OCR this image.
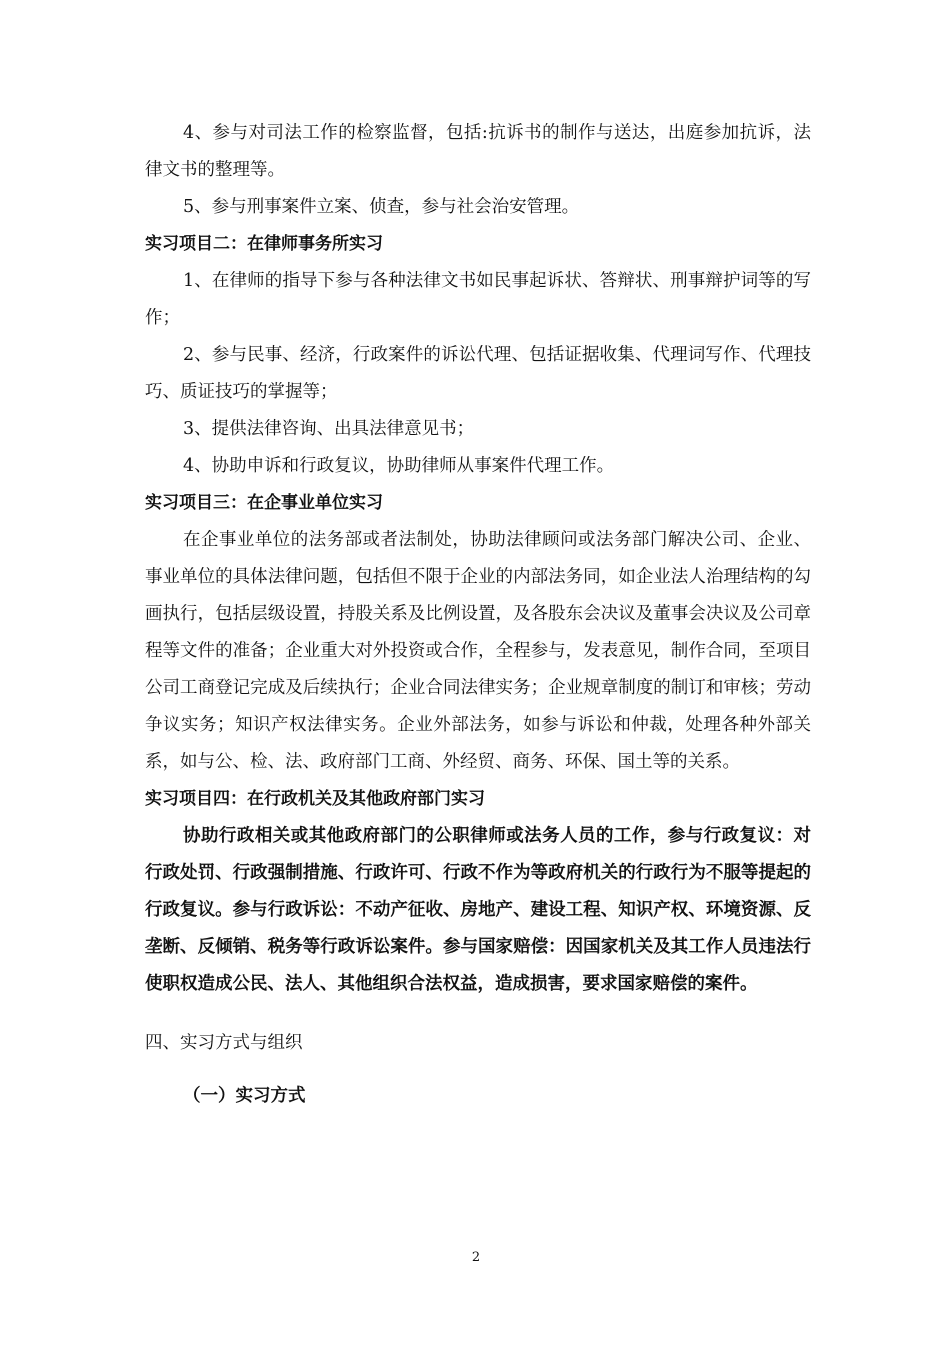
4、参与对司法工作的检察监督，包括:抗诉书的制作与送达，出庭参加抗诉，法律文书的整理等。

5、参与刑事案件立案、侦查，参与社会治安管理。

实习项目二：在律师事务所实习

1、在律师的指导下参与各种法律文书如民事起诉状、答辩状、刑事辩护词等的写作；

2、参与民事、经济，行政案件的诉讼代理、包括证据收集、代理词写作、代理技巧、质证技巧的掌握等；

3、提供法律咨询、出具法律意见书；

4、协助申诉和行政复议，协助律师从事案件代理工作。

实习项目三：在企事业单位实习

在企事业单位的法务部或者法制处，协助法律顾问或法务部门解决公司、企业、事业单位的具体法律问题，包括但不限于企业的内部法务同，如企业法人治理结构的勾画执行，包括层级设置，持股关系及比例设置，及各股东会决议及董事会决议及公司章程等文件的准备；企业重大对外投资或合作，全程参与，发表意见，制作合同，至项目公司工商登记完成及后续执行；企业合同法律实务；企业规章制度的制订和审核；劳动争议实务；知识产权法律实务。企业外部法务，如参与诉讼和仲裁，处理各种外部关系，如与公、检、法、政府部门工商、外经贸、商务、环保、国土等的关系。

实习项目四：在行政机关及其他政府部门实习

协助行政相关或其他政府部门的公职律师或法务人员的工作，参与行政复议：对行政处罚、行政强制措施、行政许可、行政不作为等政府机关的行政行为不服等提起的行政复议。参与行政诉讼：不动产征收、房地产、建设工程、知识产权、环境资源、反垄断、反倾销、税务等行政诉讼案件。参与国家赔偿：因国家机关及其工作人员违法行使职权造成公民、法人、其他组织合法权益，造成损害，要求国家赔偿的案件。

四、实习方式与组织

（一）实习方式

2
